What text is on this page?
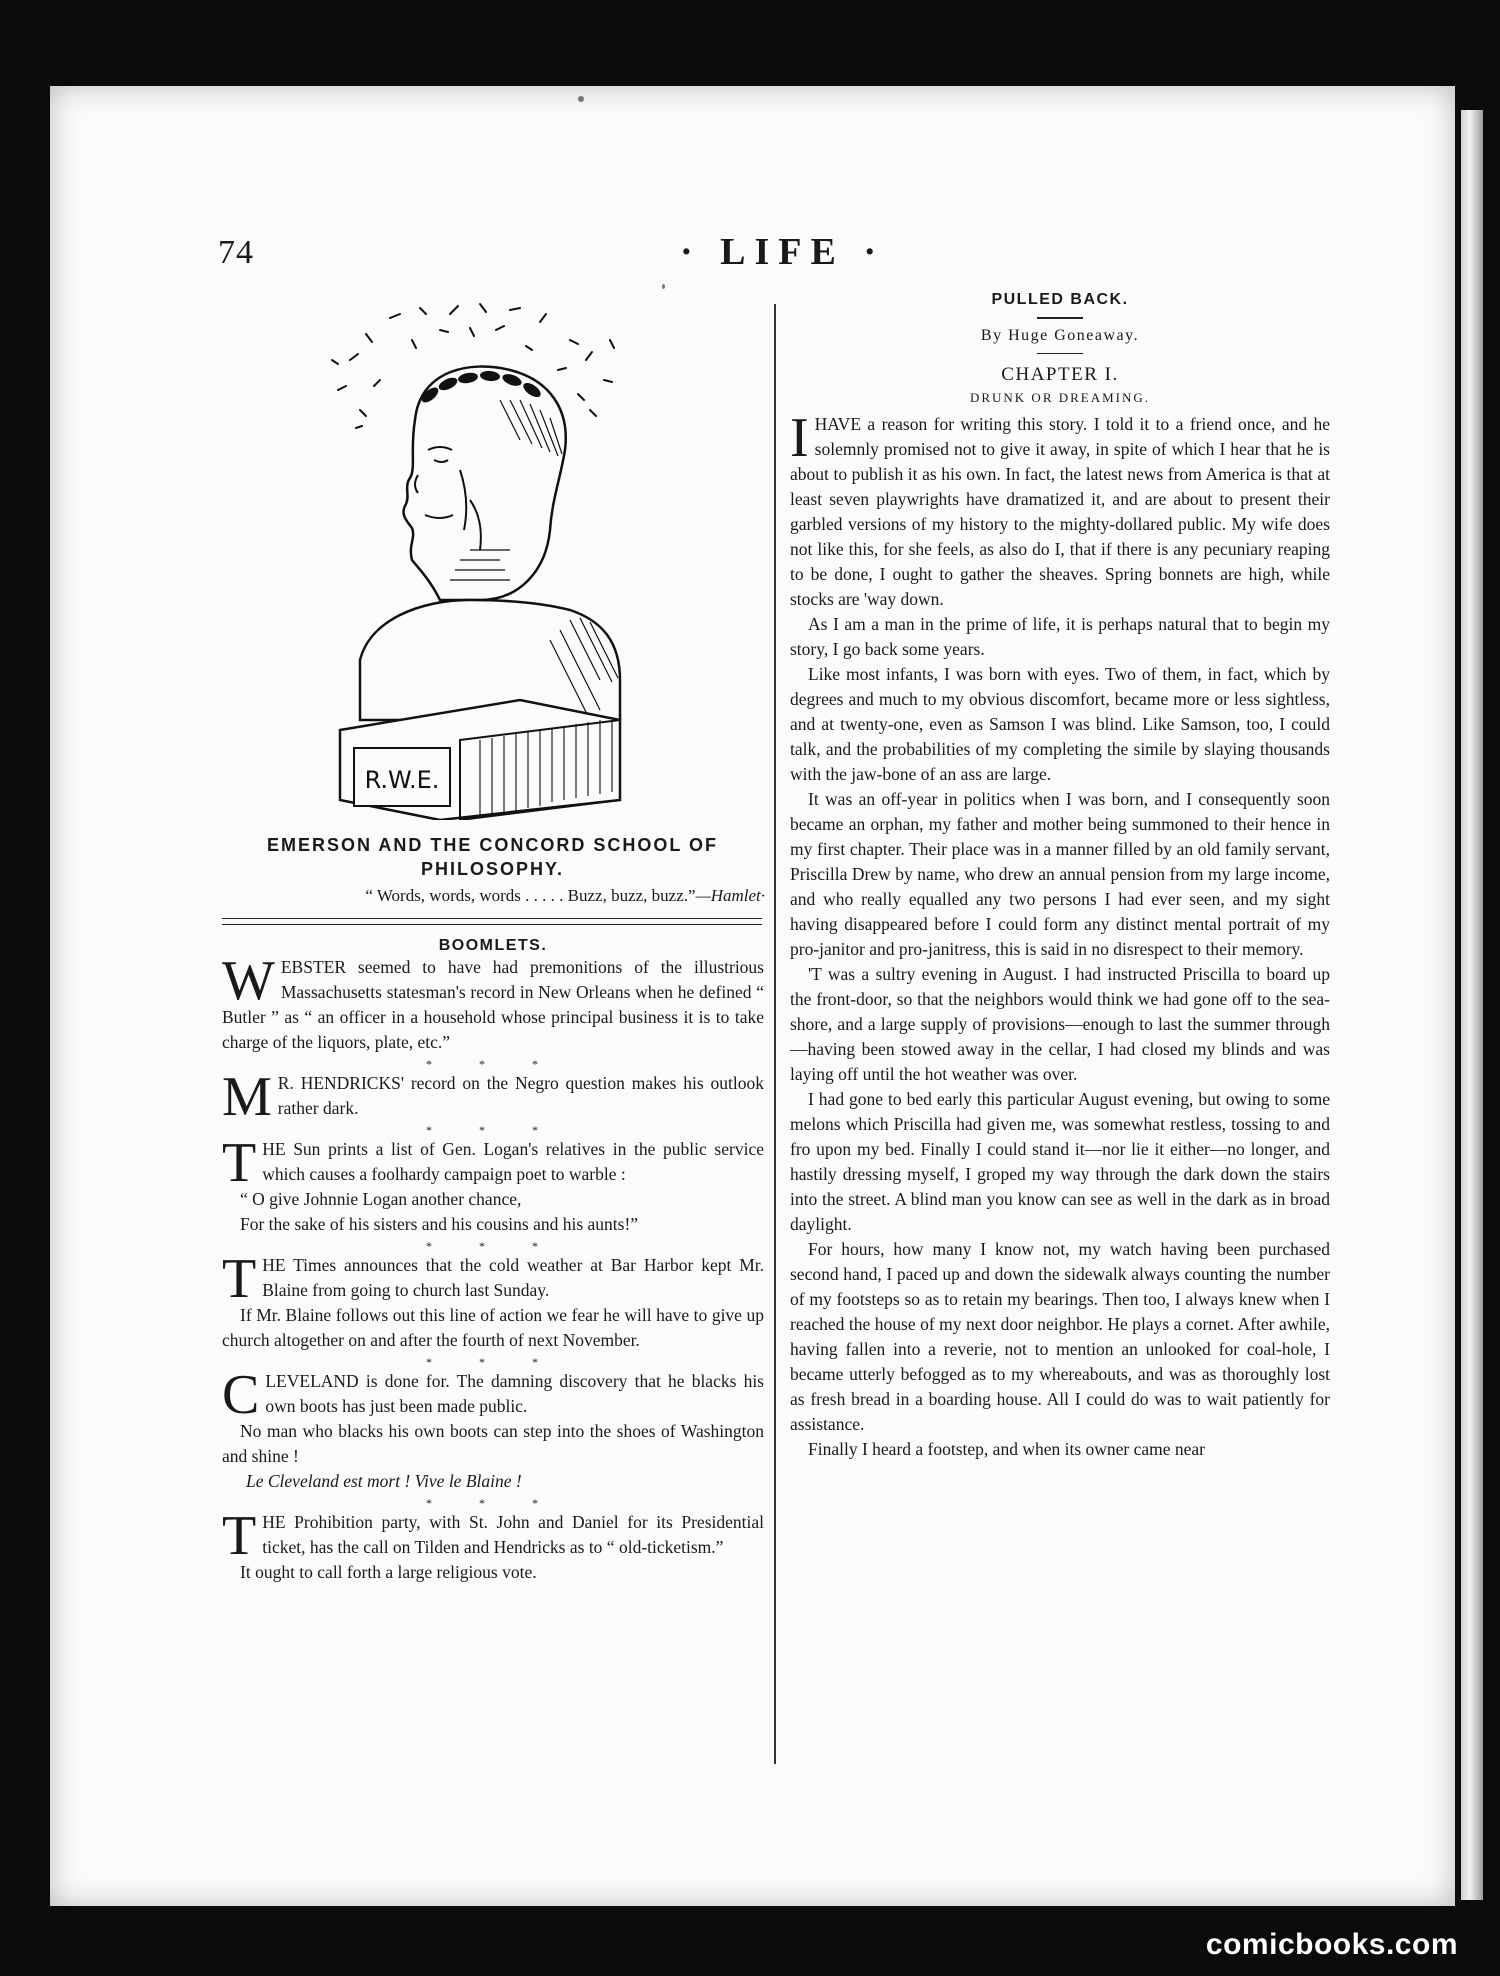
74	· LIFE ·
R.W.E.
EMERSON AND THE CONCORD SCHOOL OF PHILOSOPHY.
“ Words, words, words . . . . . Buzz, buzz, buzz.”—Hamlet·

BOOMLETS.

W EBSTER seemed to have had premonitions of the illustrious Massachusetts statesman's record in New Orleans when he defined “ Butler ” as “ an officer in a household whose principal business it is to take charge of the liquors, plate, etc.”

* * *

M R. HENDRICKS' record on the Negro question makes his outlook rather dark.

* * *

T HE Sun prints a list of Gen. Logan's relatives in the public service which causes a foolhardy campaign poet to warble :

“ O give Johnnie Logan another chance,

For the sake of his sisters and his cousins and his aunts!”

* * *

T HE Times announces that the cold weather at Bar Harbor kept Mr. Blaine from going to church last Sunday.

If Mr. Blaine follows out this line of action we fear he will have to give up church altogether on and after the fourth of next November.

* * *

C LEVELAND is done for. The damning discovery that he blacks his own boots has just been made public.

No man who blacks his own boots can step into the shoes of Washington and shine !

Le Cleveland est mort ! Vive le Blaine !

* * *

T HE Prohibition party, with St. John and Daniel for its Presidential ticket, has the call on Tilden and Hendricks as to “ old-ticketism.”

It ought to call forth a large religious vote.

PULLED BACK.

By Huge Goneaway.

CHAPTER I.

DRUNK OR DREAMING.

I HAVE a reason for writing this story. I told it to a friend once, and he solemnly promised not to give it away, in spite of which I hear that he is about to publish it as his own. In fact, the latest news from America is that at least seven playwrights have dramatized it, and are about to present their garbled versions of my history to the mighty-dollared public. My wife does not like this, for she feels, as also do I, that if there is any pecuniary reaping to be done, I ought to gather the sheaves. Spring bonnets are high, while stocks are 'way down.

As I am a man in the prime of life, it is perhaps natural that to begin my story, I go back some years.

Like most infants, I was born with eyes. Two of them, in fact, which by degrees and much to my obvious discomfort, became more or less sightless, and at twenty-one, even as Samson I was blind. Like Samson, too, I could talk, and the probabilities of my completing the simile by slaying thousands with the jaw-bone of an ass are large.

It was an off-year in politics when I was born, and I consequently soon became an orphan, my father and mother being summoned to their hence in my first chapter. Their place was in a manner filled by an old family servant, Priscilla Drew by name, who drew an annual pension from my large income, and who really equalled any two persons I had ever seen, and my sight having disappeared before I could form any distinct mental portrait of my pro-janitor and pro-janitress, this is said in no disrespect to their memory.

'T was a sultry evening in August. I had instructed Priscilla to board up the front-door, so that the neighbors would think we had gone off to the sea-shore, and a large supply of provisions—enough to last the summer through—having been stowed away in the cellar, I had closed my blinds and was laying off until the hot weather was over.

I had gone to bed early this particular August evening, but owing to some melons which Priscilla had given me, was somewhat restless, tossing to and fro upon my bed. Finally I could stand it—nor lie it either—no longer, and hastily dressing myself, I groped my way through the dark down the stairs into the street. A blind man you know can see as well in the dark as in broad daylight.

For hours, how many I know not, my watch having been purchased second hand, I paced up and down the sidewalk always counting the number of my footsteps so as to retain my bearings. Then too, I always knew when I reached the house of my next door neighbor. He plays a cornet. After awhile, having fallen into a reverie, not to mention an unlooked for coal-hole, I became utterly befogged as to my whereabouts, and was as thoroughly lost as fresh bread in a boarding house. All I could do was to wait patiently for assistance.

Finally I heard a footstep, and when its owner came near

comicbooks.com
